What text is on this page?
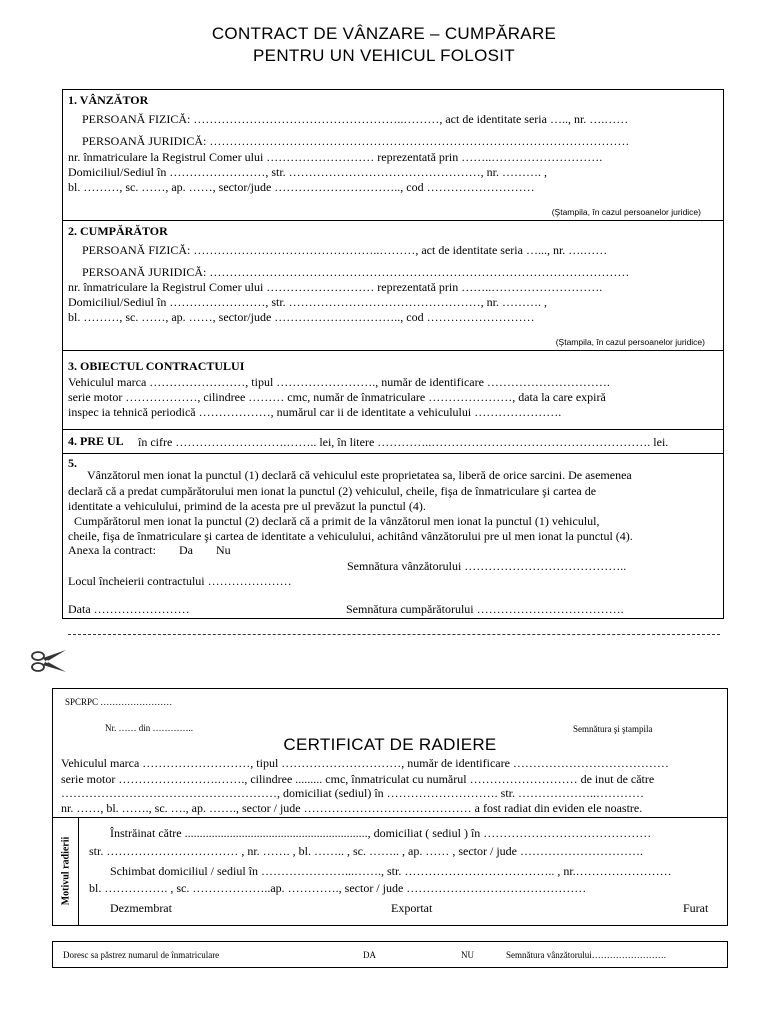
CONTRACT DE VÂNZARE – CUMPĂRARE
PENTRU UN VEHICUL FOLOSIT
1. VÂNZĂTOR
PERSOANĂ FIZICĂ: ……………………………………………..………, act de identitate seria ….., nr. ….……
PERSOANĂ JURIDICĂ: ……………………………………………………………………………………………
nr. înmatriculare la Registrul Comer ului ……………………… reprezentată prin ……..……………………….
Domiciliul/Sediul în ……………………, str. …………………………………………, nr. ………. ,
bl. ………, sc. ……, ap. ……, sector/jude ………………………….., cod ………………………
(Ştampila, în cazul persoanelor juridice)
2. CUMPĂRĂTOR
PERSOANĂ FIZICĂ: ………………………………………..………, act de identitate seria …..., nr. ….……
PERSOANĂ JURIDICĂ: ……………………………………………………………………………………………
nr. înmatriculare la Registrul Comer ului ……………………… reprezentată prin ……..……………………….
Domiciliul/Sediul în ……………………, str. …………………………………………, nr. ………. ,
bl. ………, sc. ……, ap. ……, sector/jude ………………………….., cod ………………………
(Ştampila, în cazul persoanelor juridice)
3. OBIECTUL CONTRACTULUI
Vehiculul marca ……………………, tipul ……………………., număr de identificare ………………………….
serie motor ………………, cilindree ……… cmc, număr de înmatriculare …………………, data la care expiră
inspec ia tehnică periodică ………………, numărul car ii de identitate a vehiculului ………………….
4. PRE UL în cifre ……………………….…….. lei, în litere …………..………………………………………………. lei.
5.
Vânzătorul men ionat la punctul (1) declară că vehiculul este proprietatea sa, liberă de orice sarcini. De asemenea
declară că a predat cumpărătorului men ionat la punctul (2) vehiculul, cheile, fişa de înmatriculare şi cartea de
identitate a vehiculului, primind de la acesta pre ul prevăzut la punctul (4).
Cumpărătorul men ionat la punctul (2) declară că a primit de la vânzătorul men ionat la punctul (1) vehiculul,
cheile, fişa de înmatriculare şi cartea de identitate a vehiculului, achitând vânzătorului pre ul men ionat la punctul (4).
Anexa la contract: Da Nu
Semnătura vânzătorului …………………………………..
Locul încheierii contractului …………………
Data ……………………	Semnătura cumpărătorului ……………………………….
SPCRPC ……………………
Nr. …… din …………..	Semnătura şi ştampila
CERTIFICAT DE RADIERE
Vehiculul marca ………………………, tipul …………………………, număr de identificare …………………………………
serie motor …………………….……., cilindree ......... cmc, înmatriculat cu numărul ……………………… de inut de către
………………………………………………, domiciliat (sediul) în ………………………. str. ………………..…………
nr. ……, bl. ……., sc. …., ap. ……., sector / jude …………………………………… a fost radiat din eviden ele noastre.
Motivul radierii
Înstrăinat către ............................................................., domiciliat ( sediul ) în ……………………………………
str. …………………………… , nr. ……. , bl. …….. , sc. …….. , ap. …… , sector / jude ………………………….
Schimbat domiciliul / sediul în …………………...……., str. ……………………………….. , nr.……………………
bl. ……………. , sc. ………………..ap. …………., sector / jude ………………………………………
Dezmembrat	Exportat	Furat
Doresc sa păstrez numarul de înmatriculare	DA	NU	Semnătura vânzătorului…………………….
